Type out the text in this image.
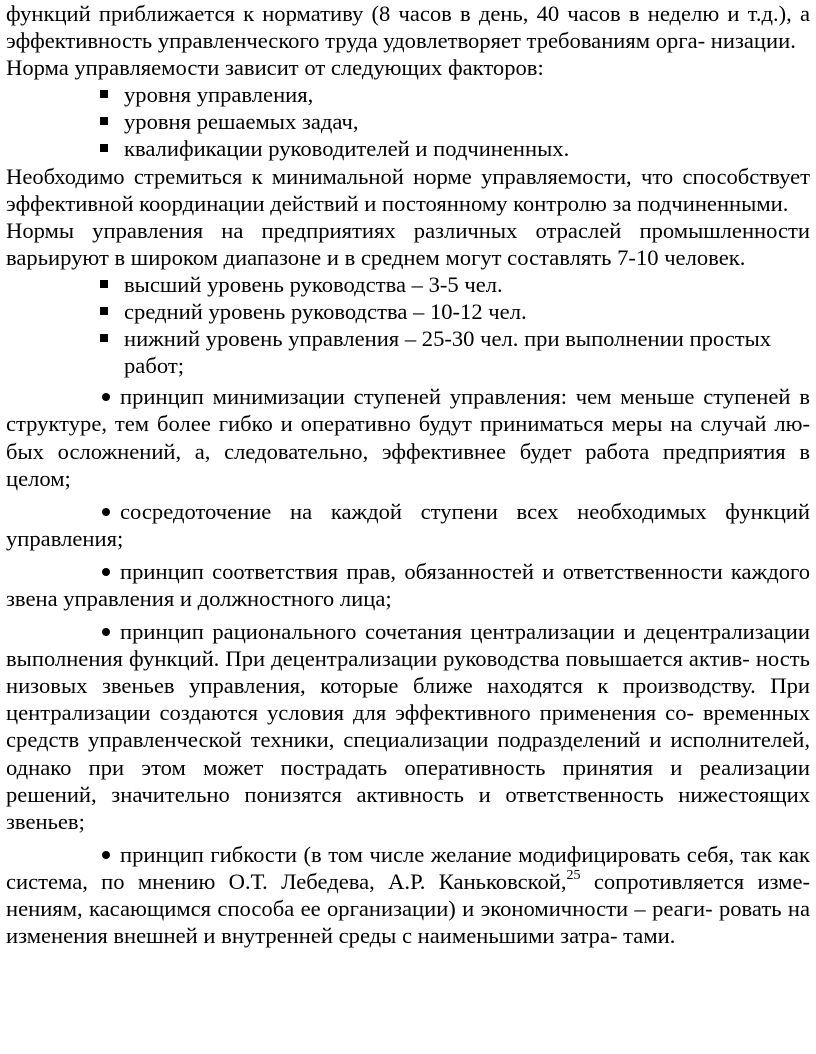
функций приближается к нормативу (8 часов в день, 40 часов в неделю и т.д.), а эффективность управленческого труда удовлетворяет требованиям орга- низации.

Норма управляемости зависит от следующих факторов:

уровня управления,
уровня решаемых задач,
квалификации руководителей и подчиненных.

Необходимо стремиться к минимальной норме управляемости, что способствует эффективной координации действий и постоянному контролю за подчиненными.

Нормы управления на предприятиях различных отраслей промышленности варьируют в широком диапазоне и в среднем могут составлять 7-10 человек.

высший уровень руководства – 3-5 чел.
средний уровень руководства – 10-12 чел.
нижний уровень управления – 25-30 чел. при выполнении простых работ;

принцип минимизации ступеней управления: чем меньше ступеней в структуре, тем более гибко и оперативно будут приниматься меры на случай лю-бых осложнений, а, следовательно, эффективнее будет работа предприятия в целом;

сосредоточение на каждой ступени всех необходимых функций управления;

принцип соответствия прав, обязанностей и ответственности каждого звена управления и должностного лица;

принцип рационального сочетания централизации и децентрализации выполнения функций. При децентрализации руководства повышается актив- ность низовых звеньев управления, которые ближе находятся к производству. При централизации создаются условия для эффективного применения со- временных средств управленческой техники, специализации подразделений и исполнителей, однако при этом может пострадать оперативность принятия и реализации решений, значительно понизятся активность и ответственность нижестоящих звеньев;

принцип гибкости (в том числе желание модифицировать себя, так как система, по мнению О.Т. Лебедева, А.Р. Каньковской,$^{25}$ сопротивляется изме- нениям, касающимся способа ее организации) и экономичности – реаги- ровать на изменения внешней и внутренней среды с наименьшими затра- тами.
